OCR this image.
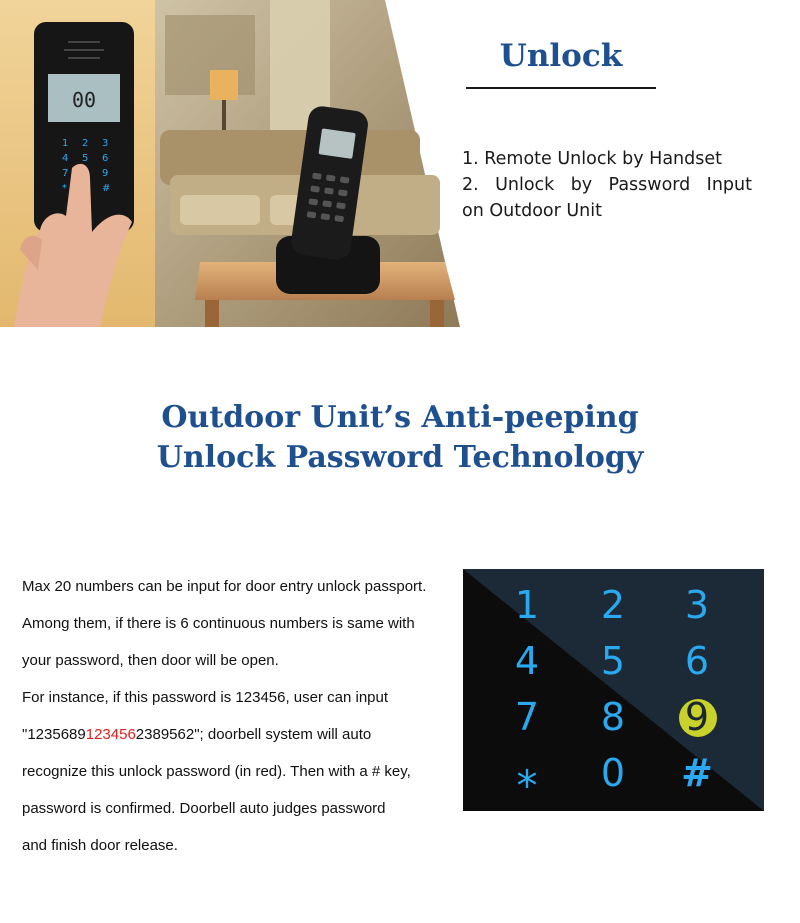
1 2 3
4 5 6
7	9
*	#
00
Unlock
1. Remote Unlock by Handset
2. Unlock by Password Input
on Outdoor Unit
Outdoor Unit’s Anti-peeping
Unlock Password Technology
Max 20 numbers can be input for door entry unlock passport.
Among them, if there is 6 continuous numbers is same with
your password, then door will be open.
For instance, if this password is 123456, user can input
"12356891234562389562"; doorbell system will auto
recognize this unlock password (in red). Then with a # key,
password is confirmed. Doorbell auto judges password
and finish door release.
1	2	3
4	5	6
7	8	9
⁎	0	#
